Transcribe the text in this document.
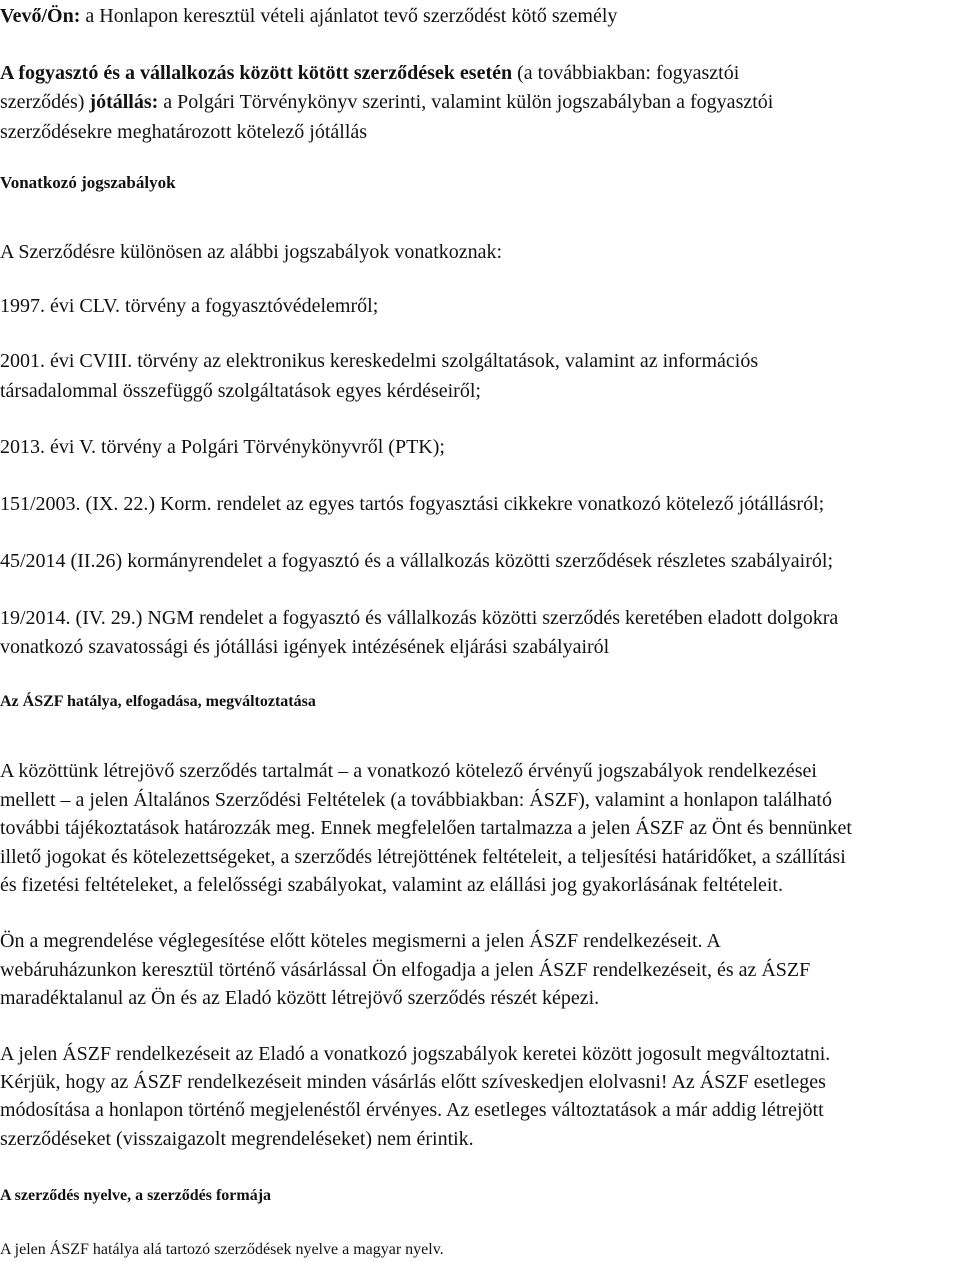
Vevő/Ön: a Honlapon keresztül vételi ajánlatot tevő szerződést kötő személy
A fogyasztó és a vállalkozás között kötött szerződések esetén (a továbbiakban: fogyasztói
szerződés) jótállás: a Polgári Törvénykönyv szerinti, valamint külön jogszabályban a fogyasztói
szerződésekre meghatározott kötelező jótállás
Vonatkozó jogszabályok
A Szerződésre különösen az alábbi jogszabályok vonatkoznak:
1997. évi CLV. törvény a fogyasztóvédelemről;
2001. évi CVIII. törvény az elektronikus kereskedelmi szolgáltatások, valamint az információs
társadalommal összefüggő szolgáltatások egyes kérdéseiről;
2013. évi V. törvény a Polgári Törvénykönyvről (PTK);
151/2003. (IX. 22.) Korm. rendelet az egyes tartós fogyasztási cikkekre vonatkozó kötelező jótállásról;
45/2014 (II.26) kormányrendelet a fogyasztó és a vállalkozás közötti szerződések részletes szabályairól;
19/2014. (IV. 29.) NGM rendelet a fogyasztó és vállalkozás közötti szerződés keretében eladott dolgokra
vonatkozó szavatossági és jótállási igények intézésének eljárási szabályairól
Az ÁSZF hatálya, elfogadása, megváltoztatása
A közöttünk létrejövő szerződés tartalmát – a vonatkozó kötelező érvényű jogszabályok rendelkezései
mellett – a jelen Általános Szerződési Feltételek (a továbbiakban: ÁSZF), valamint a honlapon található
további tájékoztatások határozzák meg. Ennek megfelelően tartalmazza a jelen ÁSZF az Önt és bennünket
illető jogokat és kötelezettségeket, a szerződés létrejöttének feltételeit, a teljesítési határidőket, a szállítási
és fizetési feltételeket, a felelősségi szabályokat, valamint az elállási jog gyakorlásának feltételeit.
Ön a megrendelése véglegesítése előtt köteles megismerni a jelen ÁSZF rendelkezéseit. A
webáruházunkon keresztül történő vásárlással Ön elfogadja a jelen ÁSZF rendelkezéseit, és az ÁSZF
maradéktalanul az Ön és az Eladó között létrejövő szerződés részét képezi.
A jelen ÁSZF rendelkezéseit az Eladó a vonatkozó jogszabályok keretei között jogosult megváltoztatni.
Kérjük, hogy az ÁSZF rendelkezéseit minden vásárlás előtt szíveskedjen elolvasni! Az ÁSZF esetleges
módosítása a honlapon történő megjelenéstől érvényes. Az esetleges változtatások a már addig létrejött
szerződéseket (visszaigazolt megrendeléseket) nem érintik.
A szerződés nyelve, a szerződés formája
A jelen ÁSZF hatálya alá tartozó szerződések nyelve a magyar nyelv.
